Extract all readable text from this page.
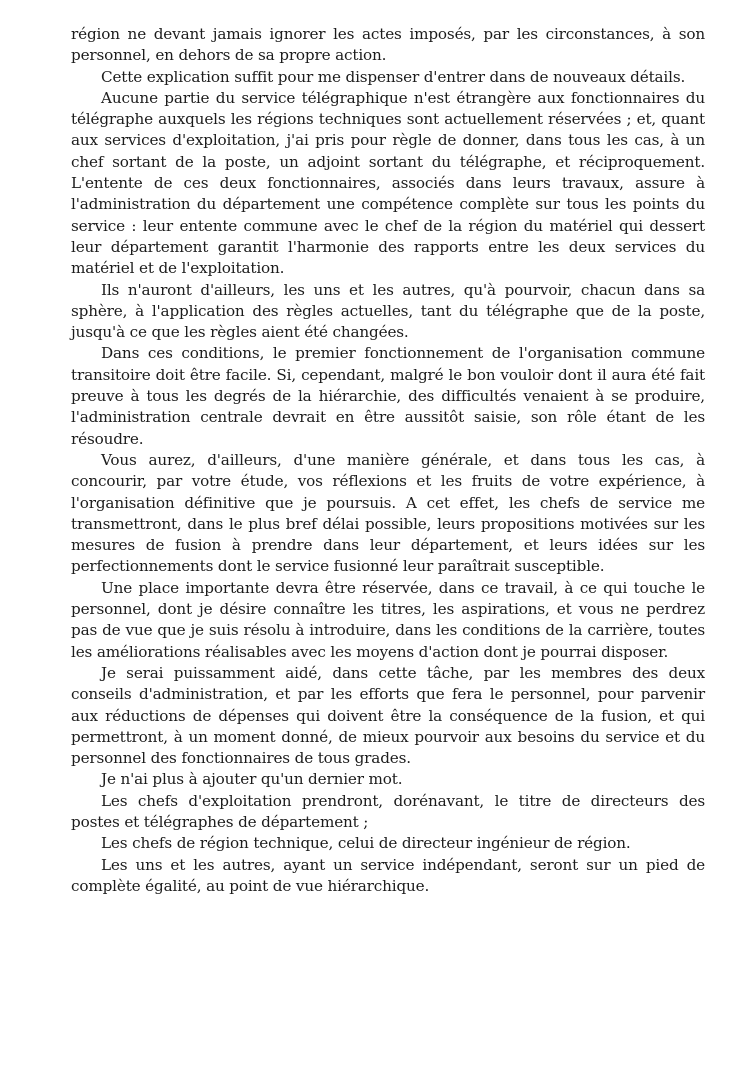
région ne devant jamais ignorer les actes imposés, par les circonstances, à son personnel, en dehors de sa propre action.

Cette explication suffit pour me dispenser d'entrer dans de nouveaux détails.

Aucune partie du service télégraphique n'est étrangère aux fonctionnaires du télégraphe auxquels les régions techniques sont actuellement réservées ; et, quant aux services d'exploitation, j'ai pris pour règle de donner, dans tous les cas, à un chef sortant de la poste, un adjoint sortant du télégraphe, et réciproquement. L'entente de ces deux fonctionnaires, associés dans leurs travaux, assure à l'administration du département une compétence complète sur tous les points du service : leur entente commune avec le chef de la région du matériel qui dessert leur département garantit l'harmonie des rapports entre les deux services du matériel et de l'exploitation.

Ils n'auront d'ailleurs, les uns et les autres, qu'à pourvoir, chacun dans sa sphère, à l'application des règles actuelles, tant du télégraphe que de la poste, jusqu'à ce que les règles aient été changées.

Dans ces conditions, le premier fonctionnement de l'organisation commune transitoire doit être facile. Si, cependant, malgré le bon vouloir dont il aura été fait preuve à tous les degrés de la hiérarchie, des difficultés venaient à se produire, l'administration centrale devrait en être aussitôt saisie, son rôle étant de les résoudre.

Vous aurez, d'ailleurs, d'une manière générale, et dans tous les cas, à concourir, par votre étude, vos réflexions et les fruits de votre expérience, à l'organisation définitive que je poursuis. A cet effet, les chefs de service me transmettront, dans le plus bref délai possible, leurs propositions motivées sur les mesures de fusion à prendre dans leur département, et leurs idées sur les perfectionnements dont le service fusionné leur paraîtrait susceptible.

Une place importante devra être réservée, dans ce travail, à ce qui touche le personnel, dont je désire connaître les titres, les aspirations, et vous ne perdrez pas de vue que je suis résolu à introduire, dans les conditions de la carrière, toutes les améliorations réalisables avec les moyens d'action dont je pourrai disposer.

Je serai puissamment aidé, dans cette tâche, par les membres des deux conseils d'administration, et par les efforts que fera le personnel, pour parvenir aux réductions de dépenses qui doivent être la conséquence de la fusion, et qui permettront, à un moment donné, de mieux pourvoir aux besoins du service et du personnel des fonctionnaires de tous grades.

Je n'ai plus à ajouter qu'un dernier mot.

Les chefs d'exploitation prendront, dorénavant, le titre de directeurs des postes et télégraphes de département ;

Les chefs de région technique, celui de directeur ingénieur de région.

Les uns et les autres, ayant un service indépendant, seront sur un pied de complète égalité, au point de vue hiérarchique.
